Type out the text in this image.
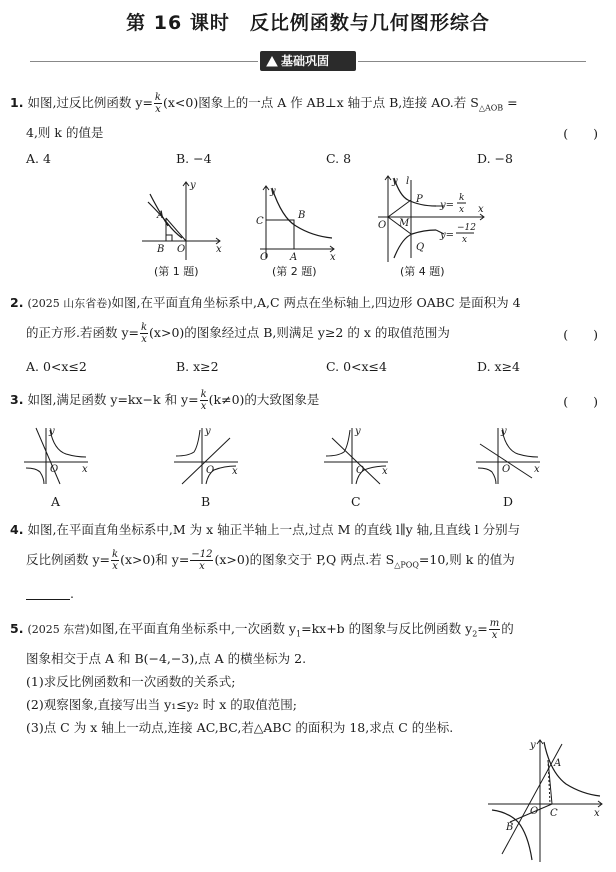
第 16 课时　反比例函数与几何图形综合
基础巩固
1. 如图,过反比例函数 $y= \frac{k}{x} (x<0)$图象上的一点 A 作 AB⊥x 轴于点 B,连接 AO.若 $S_{\triangle AOB}$ =
4,则 k 的值是	(　　)
A. 4	B. −4	C. 8	D. −8
y
x
A
B O
(第 1 题)
y
x
C
B
O A
(第 2 题)
y l
P
M
O
Q
x
y=
k
x
y=
−12
x
(第 4 题)
2. (2025 山东省卷)如图,在平面直角坐标系中,A,C 两点在坐标轴上,四边形 OABC 是面积为 4
的正方形.若函数 $y= \frac{k}{x} (x>0)$的图象经过点 B,则满足 y≥2 的 x 的取值范围为	(　　)
A. 0<x≤2	B. x≥2	C. 0<x≤4	D. x≥4
3. 如图,满足函数 y=kx−k 和 $y= \frac{k}{x} (k\ne 0)$的大致图象是	(　　)
y
x
O
y
x
O
y
x
O
y
x
O
A	B	C	D
4. 如图,在平面直角坐标系中,M 为 x 轴正半轴上一点,过点 M 的直线 l∥y 轴,且直线 l 分别与
反比例函数 $y= \frac{k}{x} (x>0)$和 $y= \frac{-12}{x} (x>0)$的图象交于 P,Q 两点.若 $S_{\triangle POQ}=10$,则 k 的值为
.
5. (2025 东营)如图,在平面直角坐标系中,一次函数 $y_1=kx+b$ 的图象与反比例函数 $y_2= \frac{m}{x}$ 的
图象相交于点 A 和 B(−4,−3),点 A 的横坐标为 2.
(1)求反比例函数和一次函数的关系式;
(2)观察图象,直接写出当 y₁≤y₂ 时 x 的取值范围;
(3)点 C 为 x 轴上一动点,连接 AC,BC,若△ABC 的面积为 18,求点 C 的坐标.
y
A
O C	x
B
